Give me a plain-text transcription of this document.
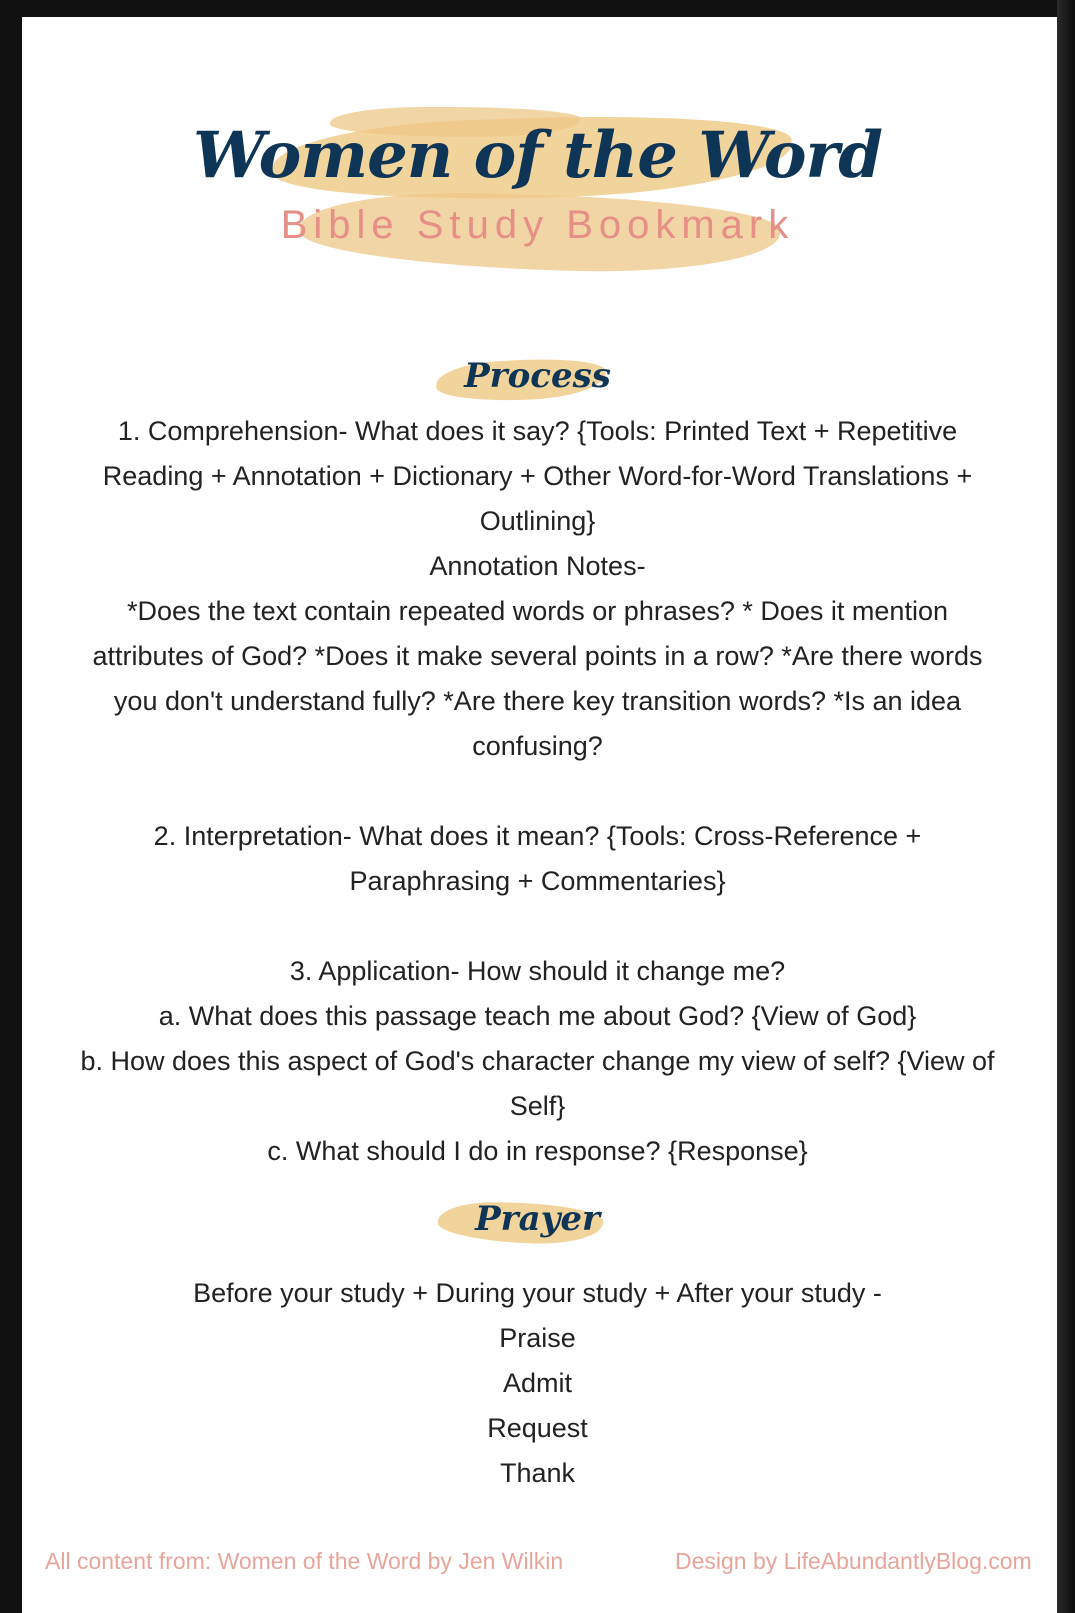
Women of the Word
Bible Study Bookmark
Process

1. Comprehension- What does it say? {Tools: Printed Text + Repetitive Reading + Annotation + Dictionary + Other Word-for-Word Translations + Outlining}

Annotation Notes-

*Does the text contain repeated words or phrases? * Does it mention attributes of God? *Does it make several points in a row? *Are there words you don't understand fully? *Are there key transition words? *Is an idea confusing?

2. Interpretation- What does it mean? {Tools: Cross-Reference + Paraphrasing + Commentaries}

3. Application- How should it change me?

a. What does this passage teach me about God? {View of God}

b. How does this aspect of God's character change my view of self? {View of Self}

c. What should I do in response? {Response}

Prayer

Before your study + During your study + After your study -

Praise

Admit

Request

Thank

All content from: Women of the Word by Jen Wilkin	Design by LifeAbundantlyBlog.com
